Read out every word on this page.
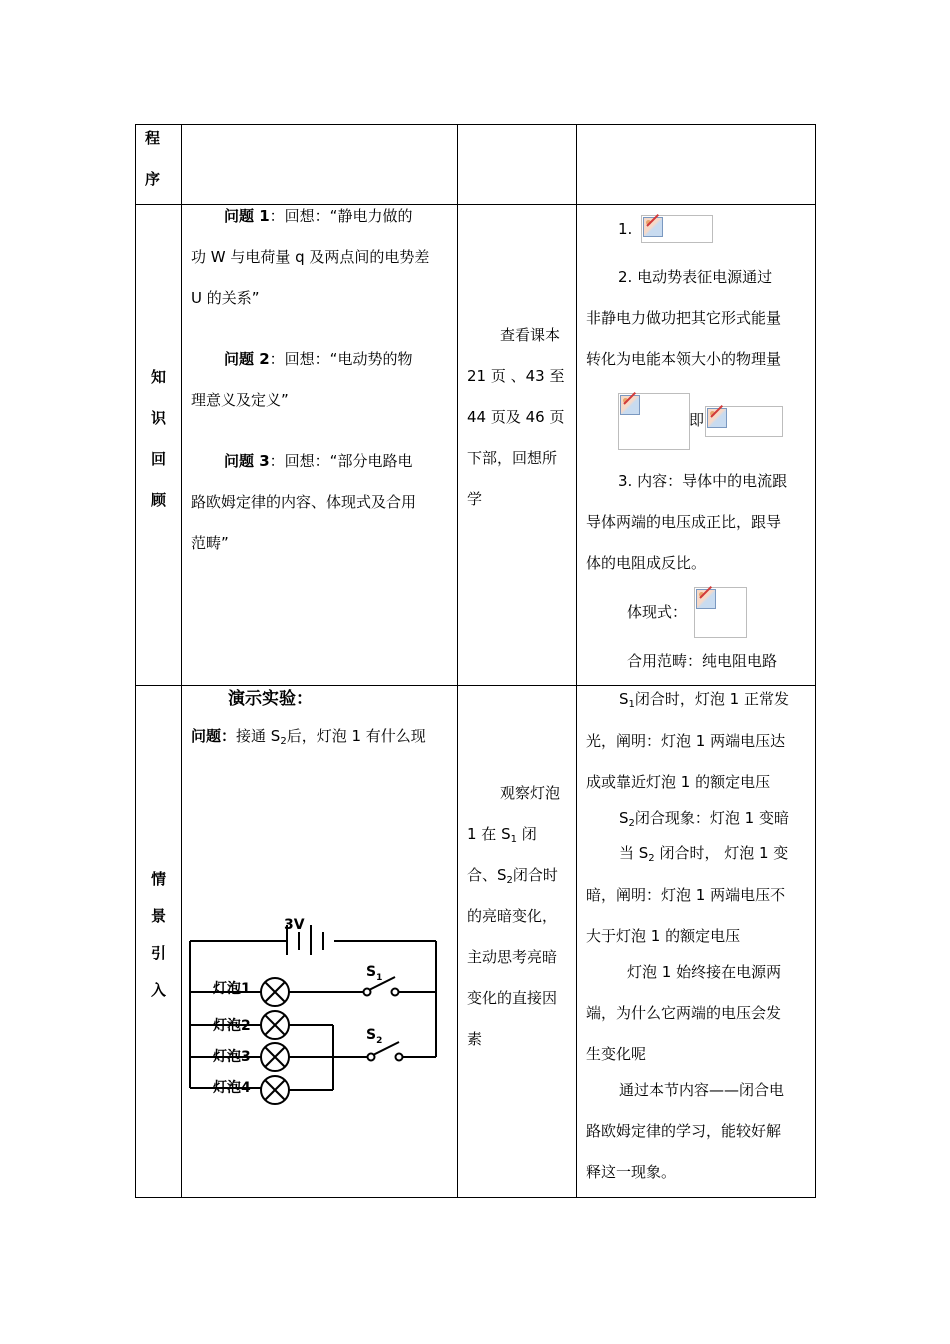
程
序
知
识
回
顾
情
景
引
入
问题 1：回想：“静电力做的
功 W 与电荷量 q 及两点间的电势差
U 的关系”
问题 2：回想：“电动势的物
理意义及定义”
问题 3：回想：“部分电路电
路欧姆定律的内容、体现式及合用
范畴”
查看课本
21 页 、43 至
44 页及 46 页
下部，回想所
学
1.
2. 电动势表征电源通过
非静电力做功把其它形式能量
转化为电能本领大小的物理量
即
3. 内容：导体中的电流跟
导体两端的电压成正比，跟导
体的电阻成反比。
体现式：
合用范畴：纯电阻电路
演示实验：
问题：接通 $S_2$后，灯泡 1 有什么现
3V
$S_1$
$S_2$
灯泡1
灯泡2
灯泡3
灯泡4
观察灯泡
1 在 $S_1$ 闭
合、$S_2$闭合时
的亮暗变化，
主动思考亮暗
变化的直接因
素
$S_1$闭合时，灯泡 1 正常发
光，阐明：灯泡 1 两端电压达
成或靠近灯泡 1 的额定电压
$S_2$闭合现象：灯泡 1 变暗
当 $S_2$ 闭合时， 灯泡 1 变
暗，阐明：灯泡 1 两端电压不
大于灯泡 1 的额定电压
灯泡 1 始终接在电源两
端，为什么它两端的电压会发
生变化呢
通过本节内容——闭合电
路欧姆定律的学习，能较好解
释这一现象。
